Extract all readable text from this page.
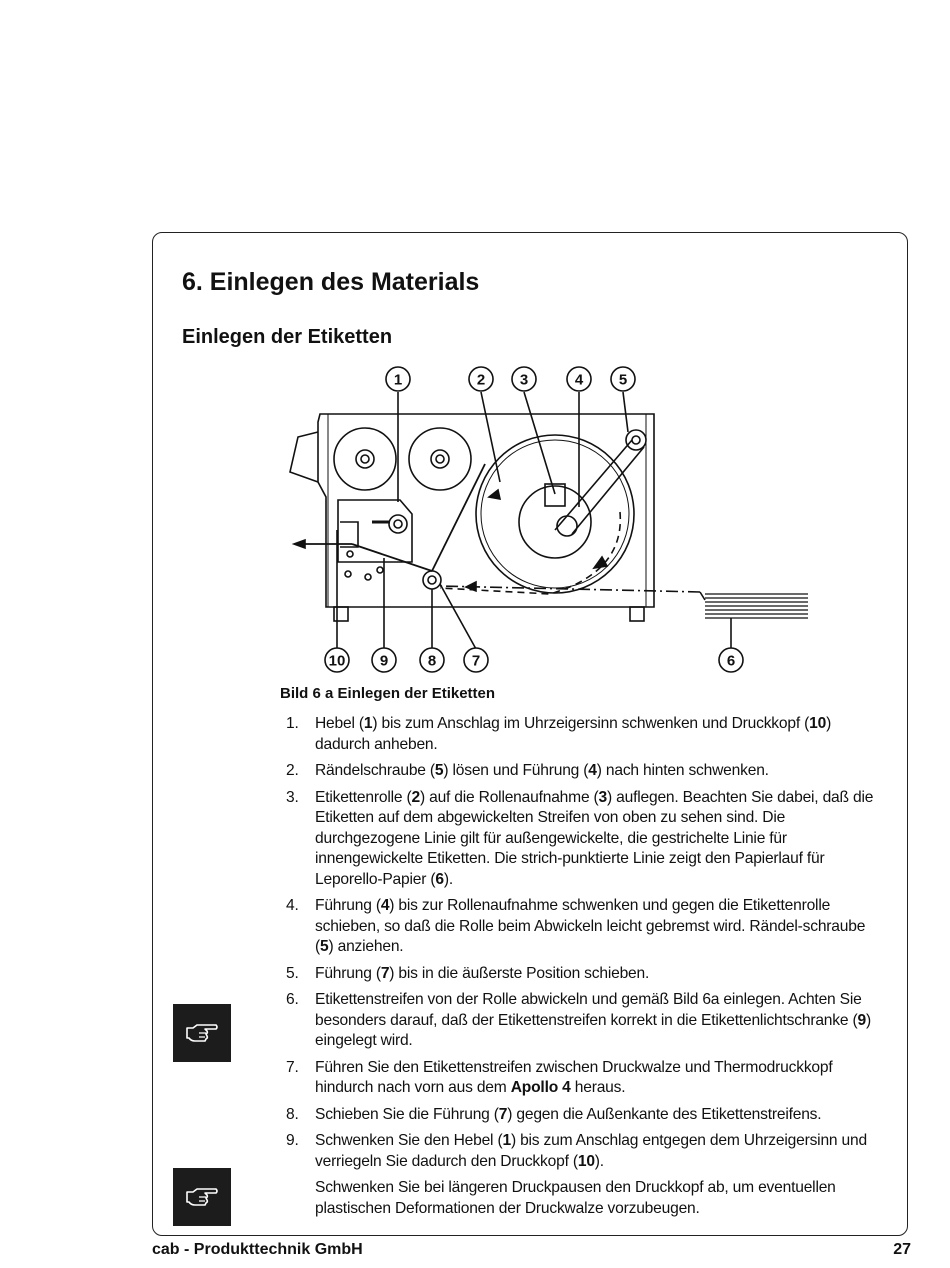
6. Einlegen des Materials
Einlegen der Etiketten
1	2 3	4 5
10 9	8 7	6
Bild 6 a Einlegen der Etiketten
1. Hebel (1) bis zum Anschlag im Uhrzeigersinn schwenken und Druckkopf (10) dadurch anheben.
2. Rändelschraube (5) lösen und Führung (4) nach hinten schwenken.
3. Etikettenrolle (2) auf die Rollenaufnahme (3) auflegen. Beachten Sie dabei, daß die Etiketten auf dem abgewickelten Streifen von oben zu sehen sind. Die durchgezogene Linie gilt für außengewickelte, die gestrichelte Linie für innengewickelte Etiketten. Die strich-punktierte Linie zeigt den Papierlauf für Leporello-Papier (6).
4. Führung (4) bis zur Rollenaufnahme schwenken und gegen die Etikettenrolle schieben, so daß die Rolle beim Abwickeln leicht gebremst wird. Rändel-schraube (5) anziehen.
5. Führung (7) bis in die äußerste Position schieben.
6. Etikettenstreifen von der Rolle abwickeln und gemäß Bild 6a einlegen. Achten Sie besonders darauf, daß der Etikettenstreifen korrekt in die Etikettenlichtschranke (9) eingelegt wird.
7. Führen Sie den Etikettenstreifen zwischen Druckwalze und Thermodruckkopf hindurch nach vorn aus dem Apollo 4 heraus.
8. Schieben Sie die Führung (7) gegen die Außenkante des Etikettenstreifens.
9. Schwenken Sie den Hebel (1) bis zum Anschlag entgegen dem Uhrzeigersinn und verriegeln Sie dadurch den Druckkopf (10).
Schwenken Sie bei längeren Druckpausen den Druckkopf ab, um eventuellen plastischen Deformationen der Druckwalze vorzubeugen.
cab - Produkttechnik GmbH	27
